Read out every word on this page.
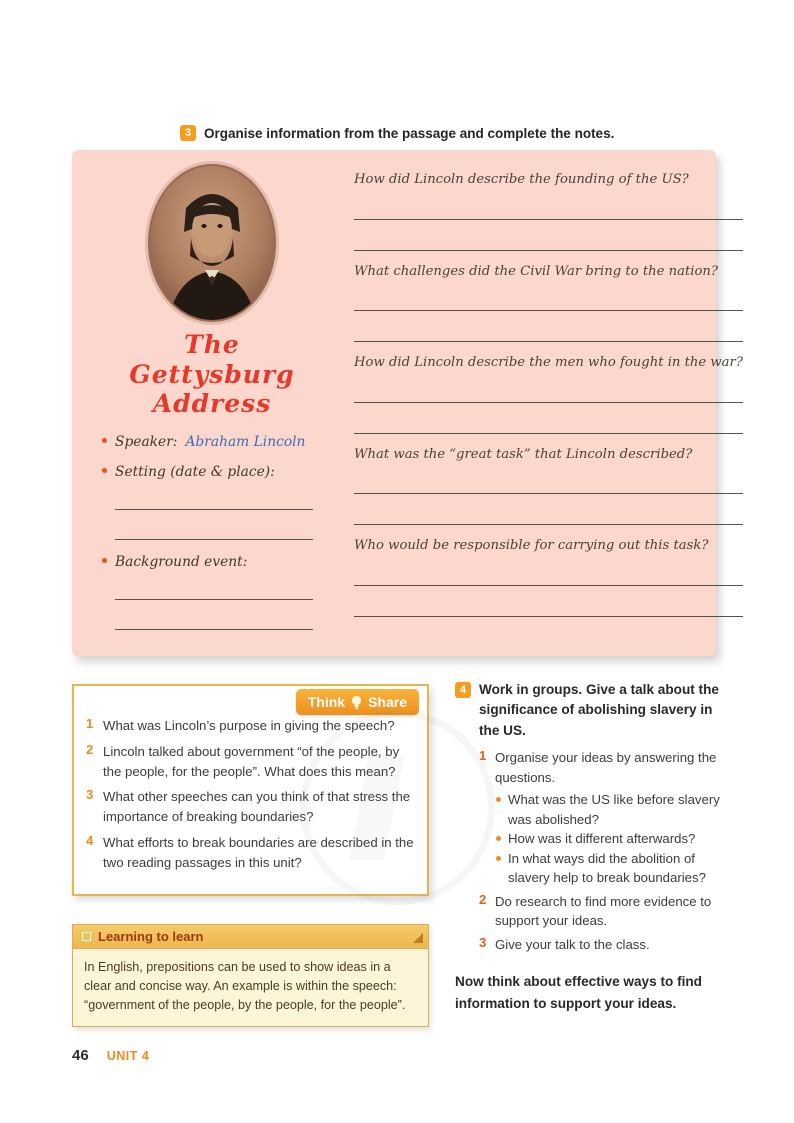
3 Organise information from the passage and complete the notes.
The
Gettysburg
Address
Speaker: Abraham Lincoln
Setting (date & place):
Background event:

How did Lincoln describe the founding of the US?

What challenges did the Civil War bring to the nation?

How did Lincoln describe the men who fought in the war?

What was the “great task” that Lincoln described?

Who would be responsible for carrying out this task?

Think Share
1 What was Lincoln’s purpose in giving the speech?
2 Lincoln talked about government “of the people, by the people, for the people”. What does this mean?
3 What other speeches can you think of that stress the importance of breaking boundaries?
4 What efforts to break boundaries are described in the two reading passages in this unit?
Learning to learn
In English, prepositions can be used to show ideas in a clear and concise way. An example is within the speech: “government of the people, by the people, for the people”.
4 Work in groups. Give a talk about the significance of abolishing slavery in the US.
1 Organise your ideas by answering the questions.
What was the US like before slavery was abolished?
How was it different afterwards?
In what ways did the abolition of slavery help to break boundaries?
2 Do research to find more evidence to support your ideas.
3 Give your talk to the class.

Now think about effective ways to find information to support your ideas.

46 UNIT 4
